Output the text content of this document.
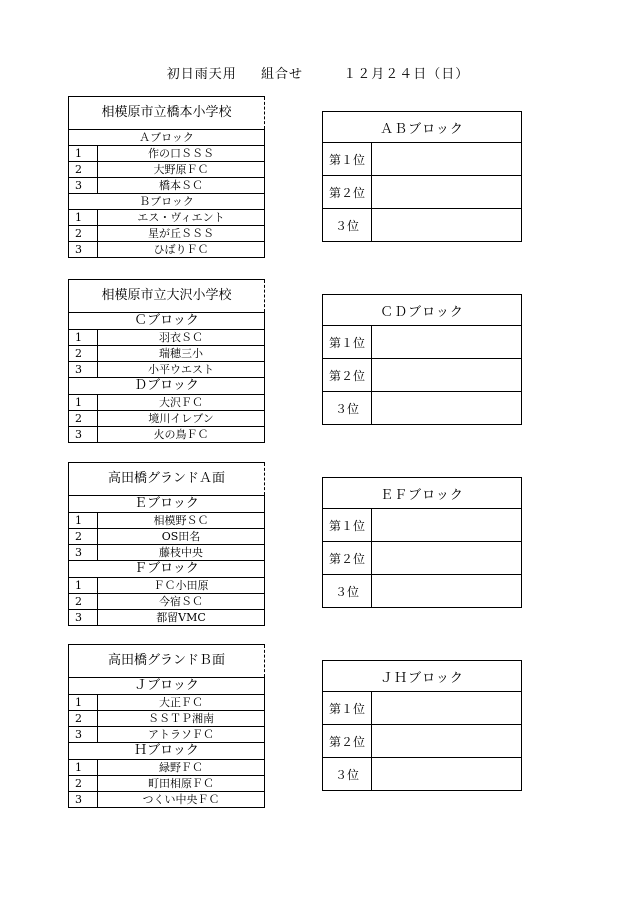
初日雨天用 組合せ	１２月２４日（日）
相模原市立橋本小学校	
Ａブロック	
1	作の口ＳＳＳ
2	大野原ＦＣ
3	橋本ＳＣ
Ｂブロック	
1	エス・ヴィエント
2	星が丘ＳＳＳ
3	ひばりＦＣ
相模原市立大沢小学校	
Ｃブロック	
1	羽衣ＳＣ
2	瑞穂三小
3	小平ウエスト
Ｄブロック	
1	大沢ＦＣ
2	境川イレブン
3	火の鳥ＦＣ
高田橋グランドＡ面	
Ｅブロック	
1	相模野ＳＣ
2	OS田名
3	藤枝中央
Ｆブロック	
1	ＦＣ小田原
2	今宿ＳＣ
3	都留VMC
高田橋グランドＢ面	
Ｊブロック	
1	大正ＦＣ
2	ＳＳＴＰ湘南
3	アトラソＦＣ
Ｈブロック	
1	緑野ＦＣ
2	町田相原ＦＣ
3	つくい中央ＦＣ
ＡＢブロック	
第１位	
第２位	
３位	
ＣＤブロック	
第１位	
第２位	
３位	
ＥＦブロック	
第１位	
第２位	
３位	
ＪＨブロック	
第１位	
第２位	
３位	
